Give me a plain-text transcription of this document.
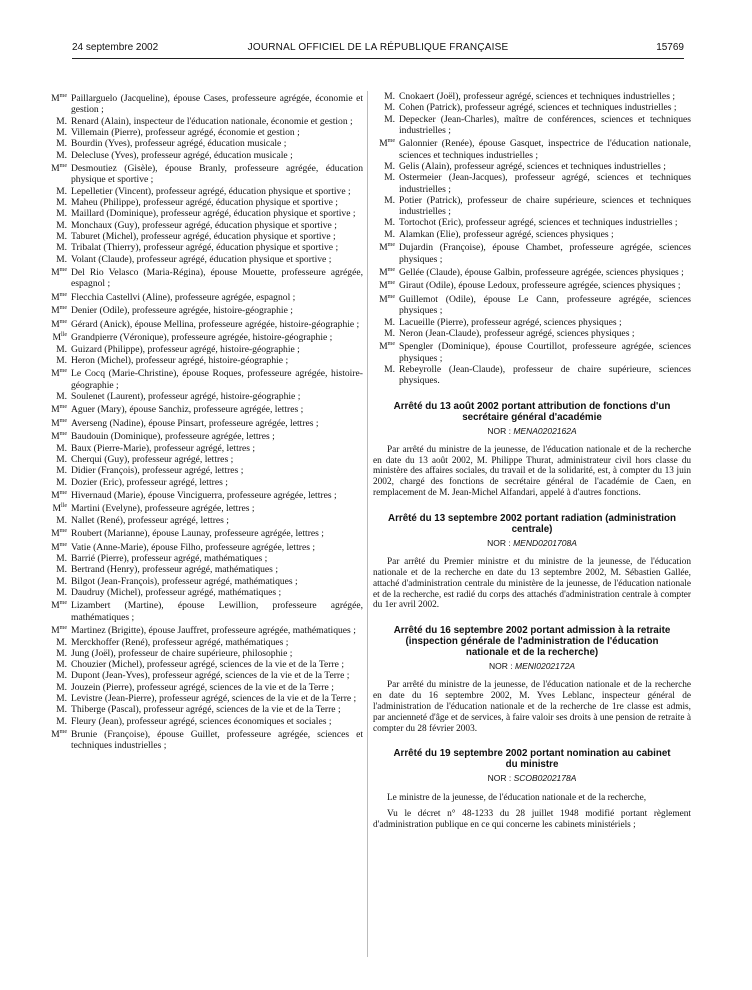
24 septembre 2002	JOURNAL OFFICIEL DE LA RÉPUBLIQUE FRANÇAISE	15769
$M^{me}$ Paillarguelo (Jacqueline), épouse Cases, professeure agrégée, économie et gestion ;
M. Renard (Alain), inspecteur de l'éducation nationale, économie et gestion ;
M. Villemain (Pierre), professeur agrégé, économie et gestion ;
M. Bourdin (Yves), professeur agrégé, éducation musicale ;
M. Delecluse (Yves), professeur agrégé, éducation musicale ;
$M^{me}$ Desmoutiez (Gisèle), épouse Branly, professeure agrégée, éducation physique et sportive ;
M. Lepelletier (Vincent), professeur agrégé, éducation physique et sportive ;
M. Maheu (Philippe), professeur agrégé, éducation physique et sportive ;
M. Maillard (Dominique), professeur agrégé, éducation physique et sportive ;
M. Monchaux (Guy), professeur agrégé, éducation physique et sportive ;
M. Taburet (Michel), professeur agrégé, éducation physique et sportive ;
M. Tribalat (Thierry), professeur agrégé, éducation physique et sportive ;
M. Volant (Claude), professeur agrégé, éducation physique et sportive ;
$M^{me}$ Del Rio Velasco (Maria-Régina), épouse Mouette, professeure agrégée, espagnol ;
$M^{me}$ Flecchia Castellvi (Aline), professeure agrégée, espagnol ;
$M^{me}$ Denier (Odile), professeure agrégée, histoire-géographie ;
$M^{me}$ Gérard (Anick), épouse Mellina, professeure agrégée, histoire-géographie ;
$M^{lle}$ Grandpierre (Véronique), professeure agrégée, histoire-géographie ;
M. Guizard (Philippe), professeur agrégé, histoire-géographie ;
M. Heron (Michel), professeur agrégé, histoire-géographie ;
$M^{me}$ Le Cocq (Marie-Christine), épouse Roques, professeure agrégée, histoire-géographie ;
M. Soulenet (Laurent), professeur agrégé, histoire-géographie ;
$M^{me}$ Aguer (Mary), épouse Sanchiz, professeure agrégée, lettres ;
$M^{me}$ Averseng (Nadine), épouse Pinsart, professeure agrégée, lettres ;
$M^{me}$ Baudouin (Dominique), professeure agrégée, lettres ;
M. Baux (Pierre-Marie), professeur agrégé, lettres ;
M. Cherqui (Guy), professeur agrégé, lettres ;
M. Didier (François), professeur agrégé, lettres ;
M. Dozier (Eric), professeur agrégé, lettres ;
$M^{me}$ Hivernaud (Marie), épouse Vinciguerra, professeure agrégée, lettres ;
$M^{lle}$ Martini (Evelyne), professeure agrégée, lettres ;
M. Nallet (René), professeur agrégé, lettres ;
$M^{me}$ Roubert (Marianne), épouse Launay, professeure agrégée, lettres ;
$M^{me}$ Vatie (Anne-Marie), épouse Filho, professeure agrégée, lettres ;
M. Barrié (Pierre), professeur agrégé, mathématiques ;
M. Bertrand (Henry), professeur agrégé, mathématiques ;
M. Bilgot (Jean-François), professeur agrégé, mathématiques ;
M. Daudruy (Michel), professeur agrégé, mathématiques ;
$M^{me}$ Lizambert (Martine), épouse Lewillion, professeure agrégée, mathématiques ;
$M^{me}$ Martinez (Brigitte), épouse Jauffret, professeure agrégée, mathématiques ;
M. Merckhoffer (René), professeur agrégé, mathématiques ;
M. Jung (Joël), professeur de chaire supérieure, philosophie ;
M. Chouzier (Michel), professeur agrégé, sciences de la vie et de la Terre ;
M. Dupont (Jean-Yves), professeur agrégé, sciences de la vie et de la Terre ;
M. Jouzein (Pierre), professeur agrégé, sciences de la vie et de la Terre ;
M. Levistre (Jean-Pierre), professeur agrégé, sciences de la vie et de la Terre ;
M. Thiberge (Pascal), professeur agrégé, sciences de la vie et de la Terre ;
M. Fleury (Jean), professeur agrégé, sciences économiques et sociales ;
$M^{me}$ Brunie (Françoise), épouse Guillet, professeure agrégée, sciences et techniques industrielles ;
M. Cnokaert (Joël), professeur agrégé, sciences et techniques industrielles ;
M. Cohen (Patrick), professeur agrégé, sciences et techniques industrielles ;
M. Depecker (Jean-Charles), maître de conférences, sciences et techniques industrielles ;
$M^{me}$ Galonnier (Renée), épouse Gasquet, inspectrice de l'éducation nationale, sciences et techniques industrielles ;
M. Gelis (Alain), professeur agrégé, sciences et techniques industrielles ;
M. Ostermeier (Jean-Jacques), professeur agrégé, sciences et techniques industrielles ;
M. Potier (Patrick), professeur de chaire supérieure, sciences et techniques industrielles ;
M. Tortochot (Eric), professeur agrégé, sciences et techniques industrielles ;
M. Alamkan (Elie), professeur agrégé, sciences physiques ;
$M^{me}$ Dujardin (Françoise), épouse Chambet, professeure agrégée, sciences physiques ;
$M^{me}$ Gellée (Claude), épouse Galbin, professeure agrégée, sciences physiques ;
$M^{me}$ Giraut (Odile), épouse Ledoux, professeure agrégée, sciences physiques ;
$M^{me}$ Guillemot (Odile), épouse Le Cann, professeure agrégée, sciences physiques ;
M. Lacueille (Pierre), professeur agrégé, sciences physiques ;
M. Neron (Jean-Claude), professeur agrégé, sciences physiques ;
$M^{me}$ Spengler (Dominique), épouse Courtillot, professeure agrégée, sciences physiques ;
M. Rebeyrolle (Jean-Claude), professeur de chaire supérieure, sciences physiques.
Arrêté du 13 août 2002 portant attribution de fonctions d'un secrétaire général d'académie
NOR : MENA0202162A
Par arrêté du ministre de la jeunesse, de l'éducation nationale et de la recherche en date du 13 août 2002, M. Philippe Thurat, administrateur civil hors classe du ministère des affaires sociales, du travail et de la solidarité, est, à compter du 13 juin 2002, chargé des fonctions de secrétaire général de l'académie de Caen, en remplacement de M. Jean-Michel Alfandari, appelé à d'autres fonctions.
Arrêté du 13 septembre 2002 portant radiation (administration centrale)
NOR : MEND0201708A
Par arrêté du Premier ministre et du ministre de la jeunesse, de l'éducation nationale et de la recherche en date du 13 septembre 2002, M. Sébastien Gallée, attaché d'administration centrale du ministère de la jeunesse, de l'éducation nationale et de la recherche, est radié du corps des attachés d'administration centrale à compter du 1er avril 2002.
Arrêté du 16 septembre 2002 portant admission à la retraite (inspection générale de l'administration de l'éducation nationale et de la recherche)
NOR : MENI0202172A
Par arrêté du ministre de la jeunesse, de l'éducation nationale et de la recherche en date du 16 septembre 2002, M. Yves Leblanc, inspecteur général de l'administration de l'éducation nationale et de la recherche de 1re classe est admis, par ancienneté d'âge et de services, à faire valoir ses droits à une pension de retraite à compter du 28 février 2003.
Arrêté du 19 septembre 2002 portant nomination au cabinet du ministre
NOR : SCOB0202178A
Le ministre de la jeunesse, de l'éducation nationale et de la recherche,
Vu le décret n° 48-1233 du 28 juillet 1948 modifié portant règlement d'administration publique en ce qui concerne les cabinets ministériels ;
